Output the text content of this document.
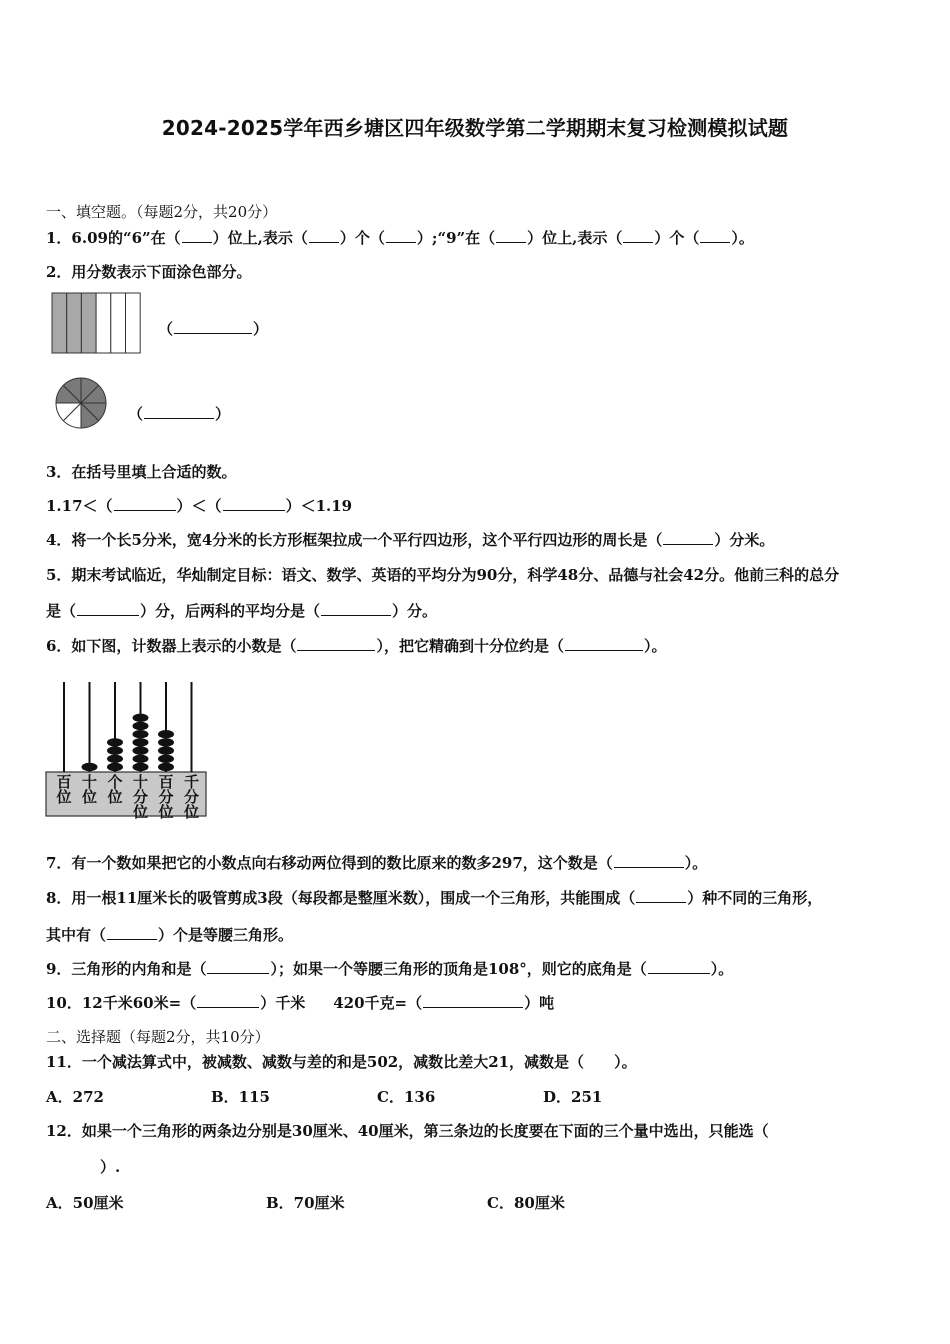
2024-2025学年西乡塘区四年级数学第二学期期末复习检测模拟试题
一、填空题。（每题2分，共20分）
1．6.09的“6”在（ ）位上,表示（ ）个（ ）;“9”在（ ）位上,表示（ ）个（ ）。
2．用分数表示下面涂色部分。
（	）
（	）
3．在括号里填上合适的数。
1.17＜（	）＜（	）＜1.19
4．将一个长5分米，宽4分米的长方形框架拉成一个平行四边形，这个平行四边形的周长是（	）分米。
5．期末考试临近，华灿制定目标：语文、数学、英语的平均分为90分，科学48分、品德与社会42分。他前三科的总分
是（	）分，后两科的平均分是（	）分。
6．如下图，计数器上表示的小数是（	），把它精确到十分位约是（	）。
百
位
十
位
个
位
十
分
位
百
分
位
千
分
位
7．有一个数如果把它的小数点向右移动两位得到的数比原来的数多297，这个数是（	）。
8．用一根11厘米长的吸管剪成3段（每段都是整厘米数），围成一个三角形，共能围成（	）种不同的三角形，
其中有（	）个是等腰三角形。
9．三角形的内角和是（	）；如果一个等腰三角形的顶角是108°，则它的底角是（	）。
10．12千米60米=（	）千米 420千克=（	）吨
二、选择题（每题2分，共10分）
11．一个减法算式中，被减数、减数与差的和是502，减数比差大21，减数是（　　）。
A．272	B．115	C．136	D．251
12．如果一个三角形的两条边分别是30厘米、40厘米，第三条边的长度要在下面的三个量中选出，只能选（
）.
A．50厘米	B．70厘米	C．80厘米
